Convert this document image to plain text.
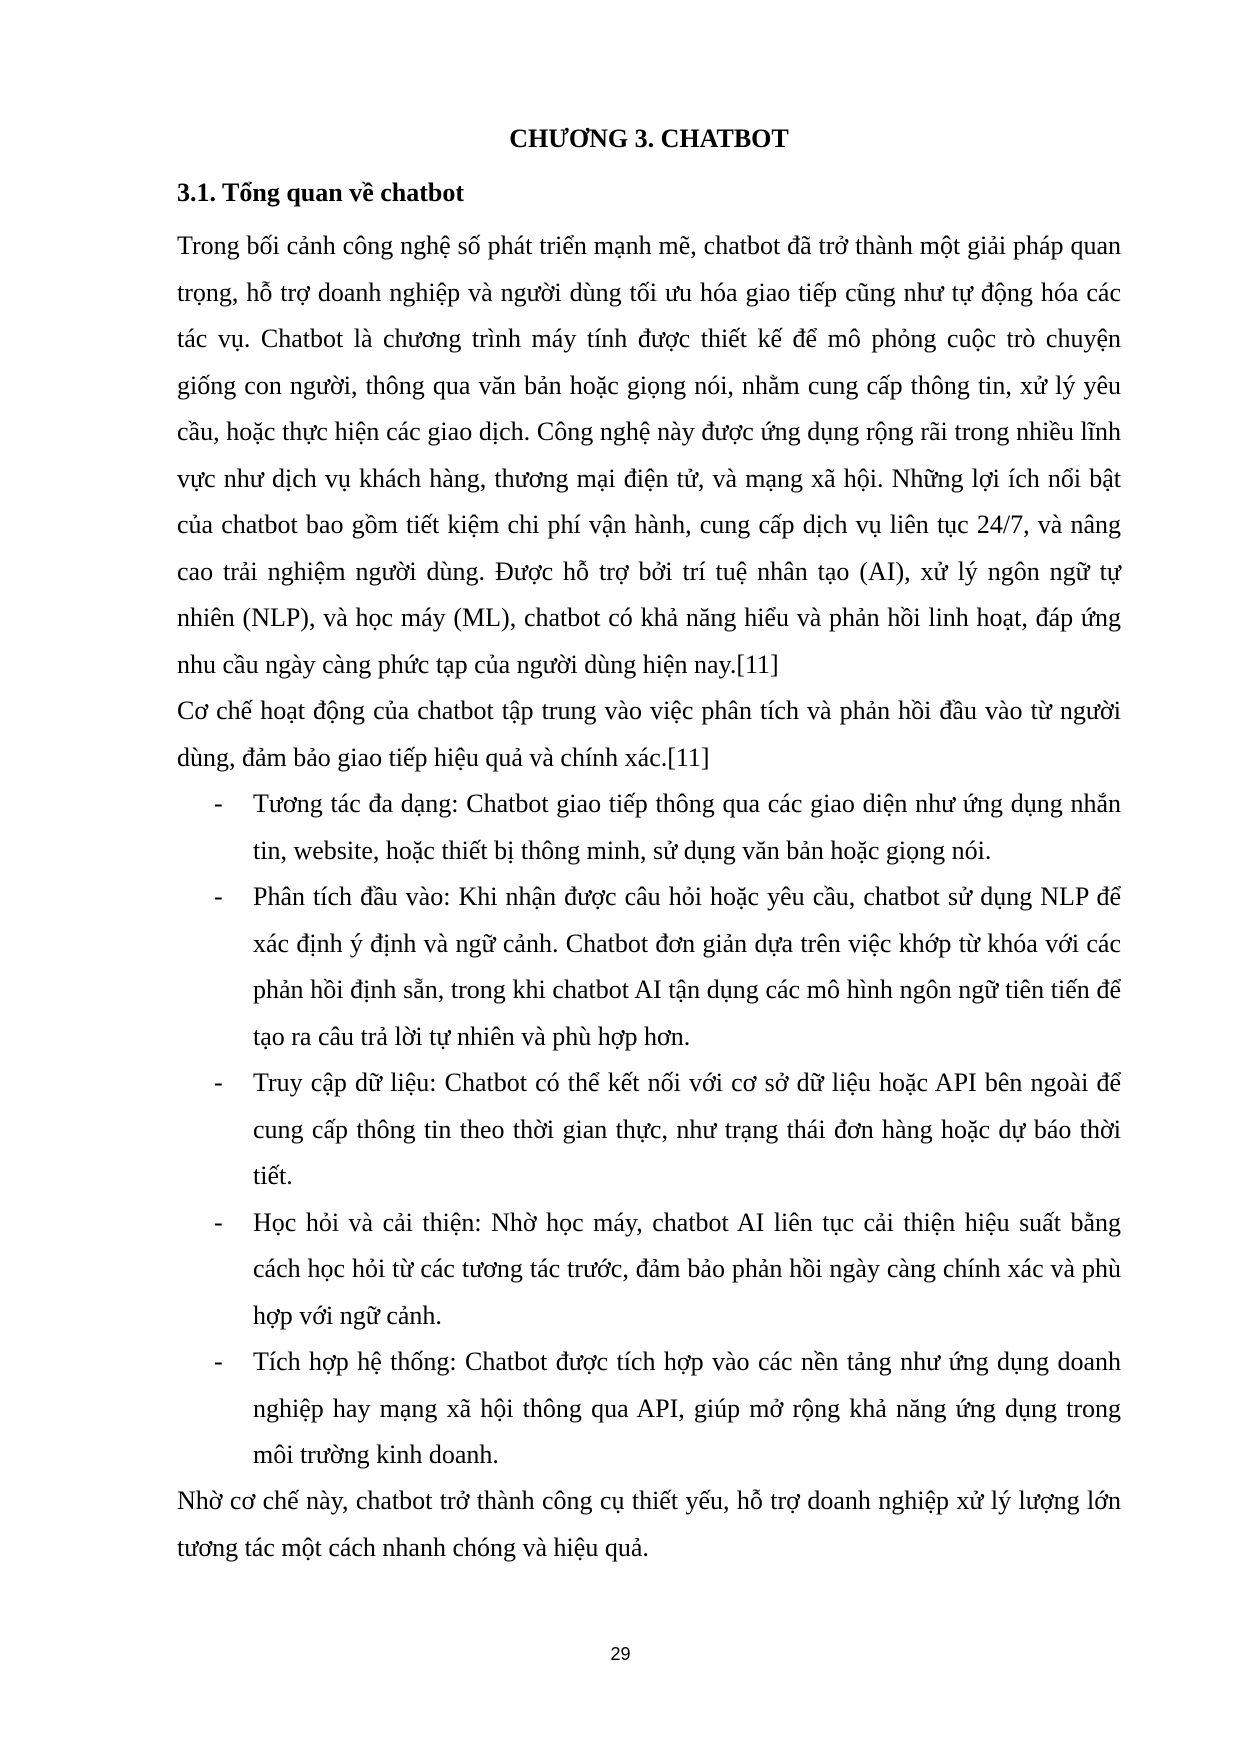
CHƯƠNG 3. CHATBOT
3.1. Tổng quan về chatbot

Trong bối cảnh công nghệ số phát triển mạnh mẽ, chatbot đã trở thành một giải pháp quan trọng, hỗ trợ doanh nghiệp và người dùng tối ưu hóa giao tiếp cũng như tự động hóa các tác vụ. Chatbot là chương trình máy tính được thiết kế để mô phỏng cuộc trò chuyện giống con người, thông qua văn bản hoặc giọng nói, nhằm cung cấp thông tin, xử lý yêu cầu, hoặc thực hiện các giao dịch. Công nghệ này được ứng dụng rộng rãi trong nhiều lĩnh vực như dịch vụ khách hàng, thương mại điện tử, và mạng xã hội. Những lợi ích nổi bật của chatbot bao gồm tiết kiệm chi phí vận hành, cung cấp dịch vụ liên tục 24/7, và nâng cao trải nghiệm người dùng. Được hỗ trợ bởi trí tuệ nhân tạo (AI), xử lý ngôn ngữ tự nhiên (NLP), và học máy (ML), chatbot có khả năng hiểu và phản hồi linh hoạt, đáp ứng nhu cầu ngày càng phức tạp của người dùng hiện nay.[11]

Cơ chế hoạt động của chatbot tập trung vào việc phân tích và phản hồi đầu vào từ người dùng, đảm bảo giao tiếp hiệu quả và chính xác.[11]

- Tương tác đa dạng: Chatbot giao tiếp thông qua các giao diện như ứng dụng nhắn tin, website, hoặc thiết bị thông minh, sử dụng văn bản hoặc giọng nói.
- Phân tích đầu vào: Khi nhận được câu hỏi hoặc yêu cầu, chatbot sử dụng NLP để xác định ý định và ngữ cảnh. Chatbot đơn giản dựa trên việc khớp từ khóa với các phản hồi định sẵn, trong khi chatbot AI tận dụng các mô hình ngôn ngữ tiên tiến để tạo ra câu trả lời tự nhiên và phù hợp hơn.
- Truy cập dữ liệu: Chatbot có thể kết nối với cơ sở dữ liệu hoặc API bên ngoài để cung cấp thông tin theo thời gian thực, như trạng thái đơn hàng hoặc dự báo thời tiết.
- Học hỏi và cải thiện: Nhờ học máy, chatbot AI liên tục cải thiện hiệu suất bằng cách học hỏi từ các tương tác trước, đảm bảo phản hồi ngày càng chính xác và phù hợp với ngữ cảnh.
- Tích hợp hệ thống: Chatbot được tích hợp vào các nền tảng như ứng dụng doanh nghiệp hay mạng xã hội thông qua API, giúp mở rộng khả năng ứng dụng trong môi trường kinh doanh.

Nhờ cơ chế này, chatbot trở thành công cụ thiết yếu, hỗ trợ doanh nghiệp xử lý lượng lớn tương tác một cách nhanh chóng và hiệu quả.

29
